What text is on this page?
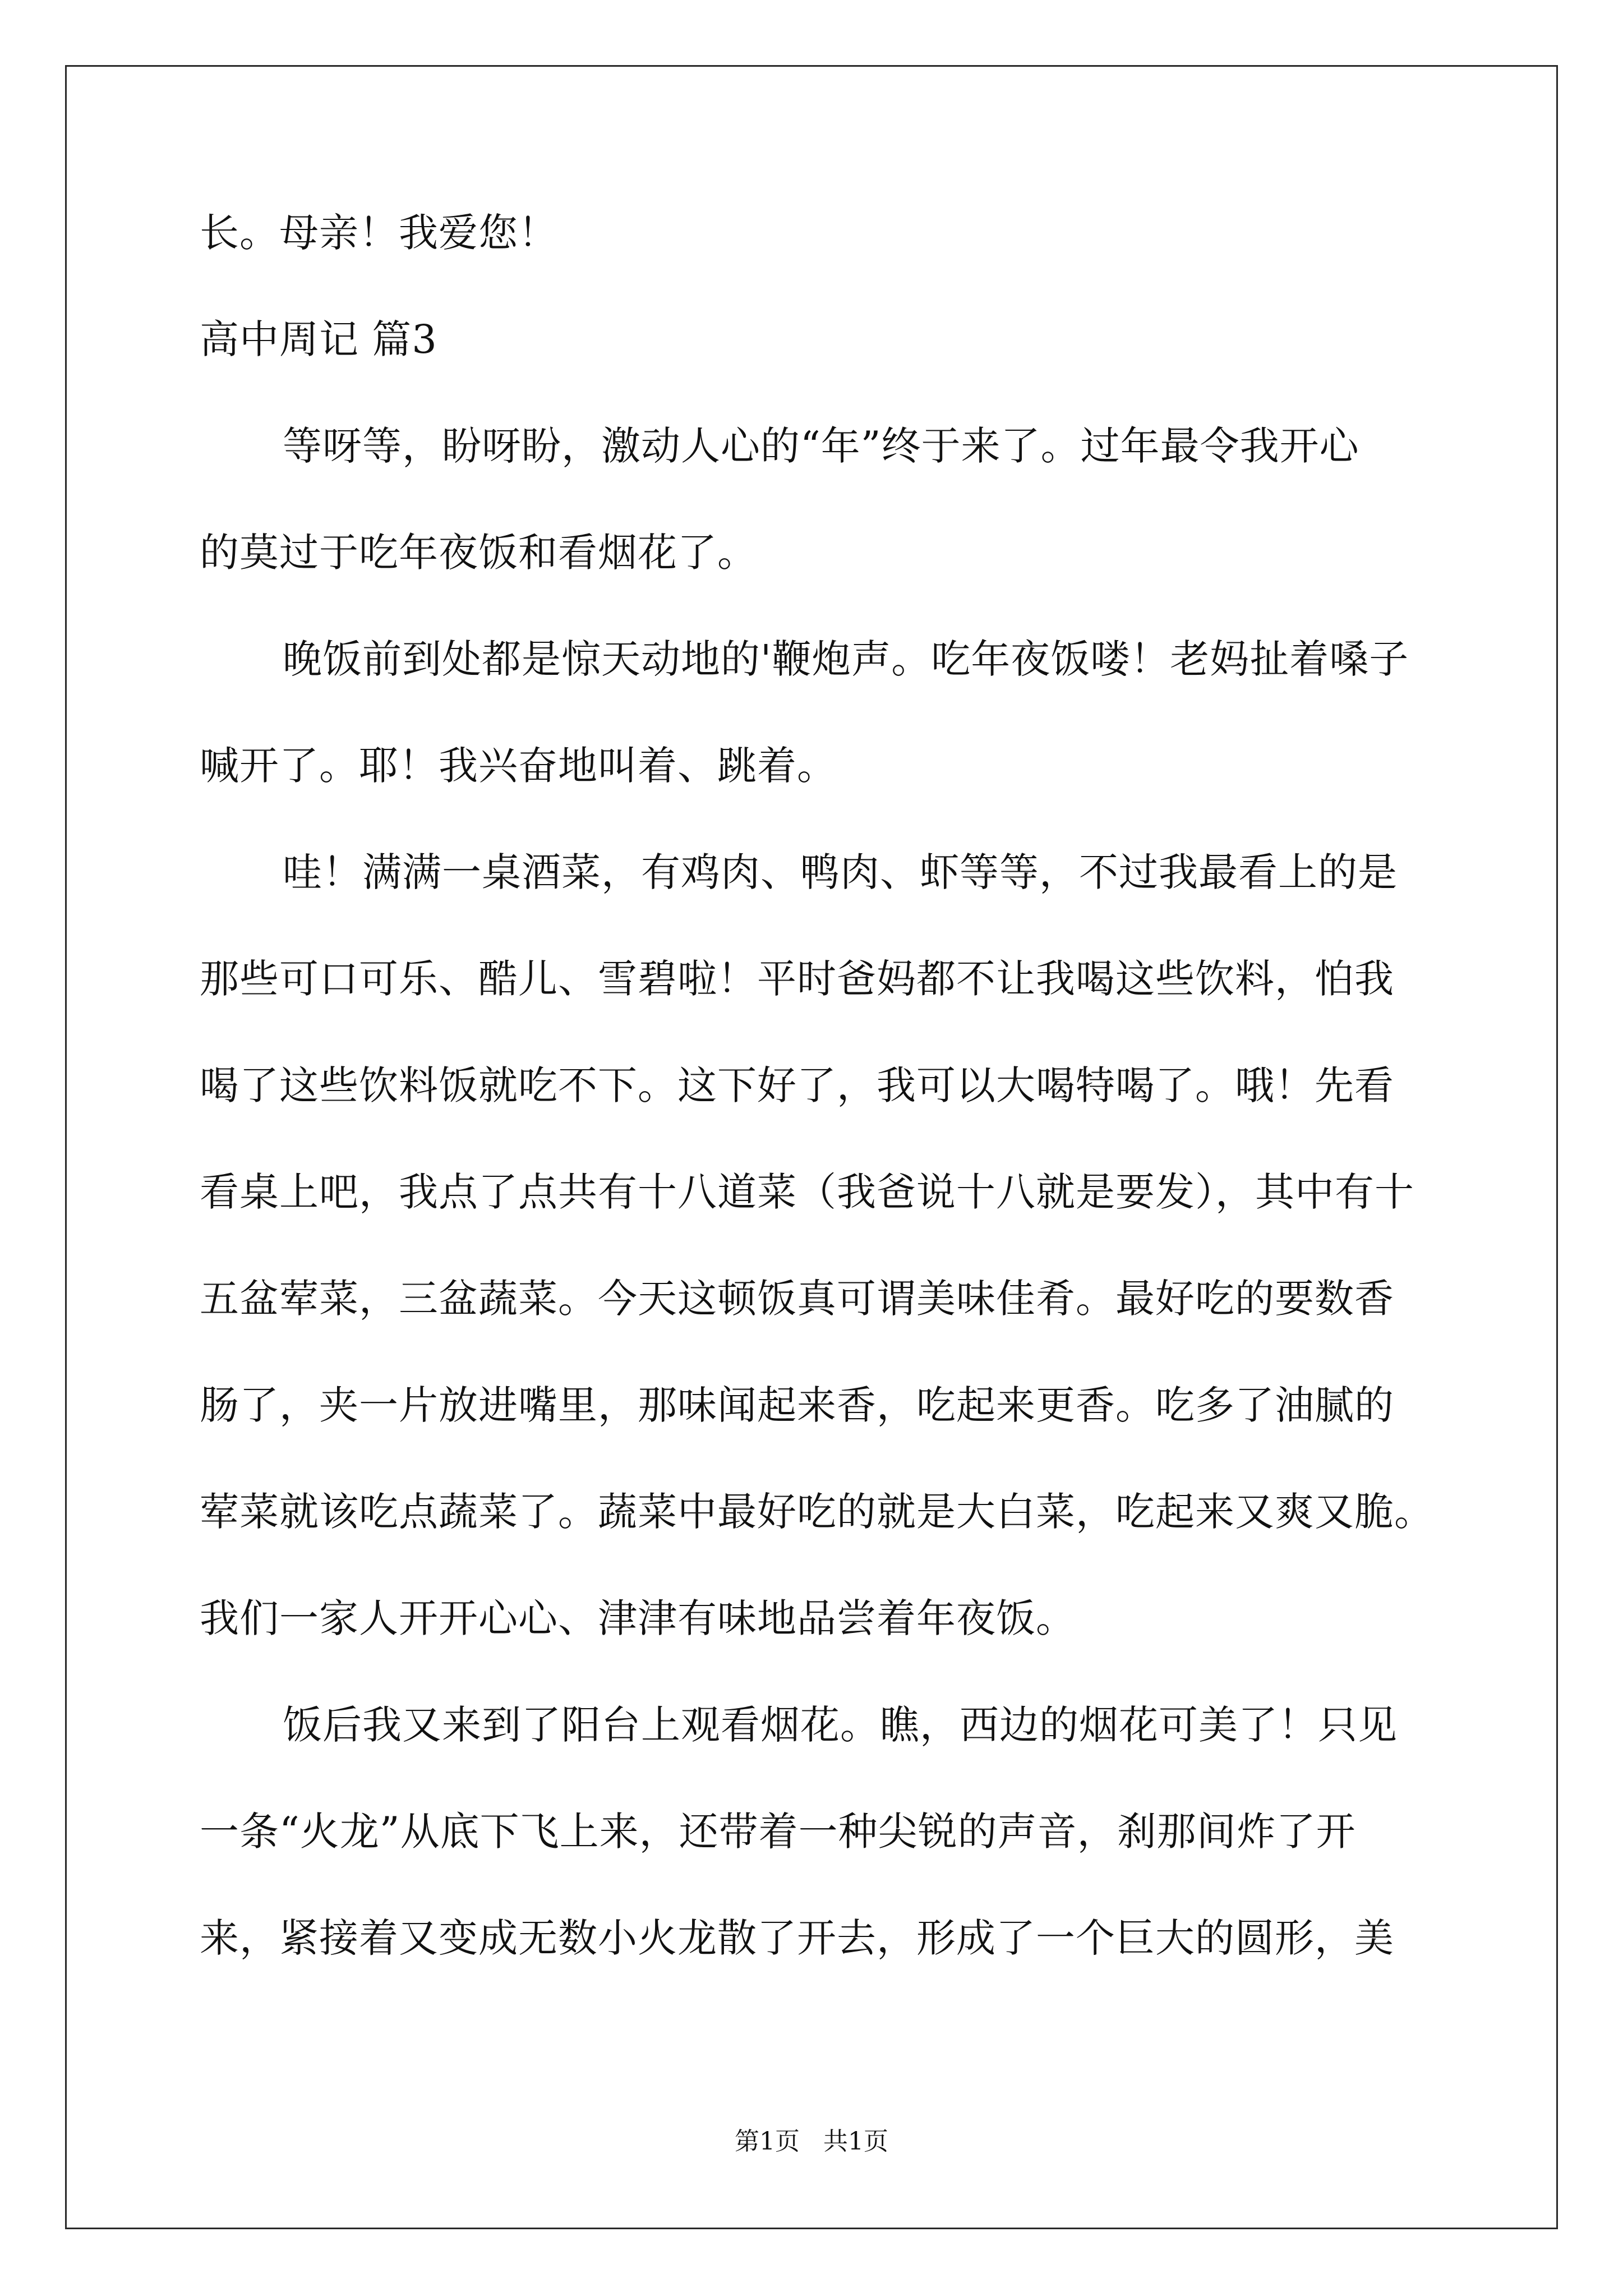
长。母亲！我爱您！
高中周记 篇3
等呀等，盼呀盼，激动人心的“年”终于来了。过年最令我开心
的莫过于吃年夜饭和看烟花了。
晚饭前到处都是惊天动地的'鞭炮声。吃年夜饭喽！老妈扯着嗓子
喊开了。耶！我兴奋地叫着、跳着。
哇！满满一桌酒菜，有鸡肉、鸭肉、虾等等，不过我最看上的是
那些可口可乐、酷儿、雪碧啦！平时爸妈都不让我喝这些饮料，怕我
喝了这些饮料饭就吃不下。这下好了，我可以大喝特喝了。哦！先看
看桌上吧，我点了点共有十八道菜（我爸说十八就是要发），其中有十
五盆荤菜，三盆蔬菜。今天这顿饭真可谓美味佳肴。最好吃的要数香
肠了，夹一片放进嘴里，那味闻起来香，吃起来更香。吃多了油腻的
荤菜就该吃点蔬菜了。蔬菜中最好吃的就是大白菜，吃起来又爽又脆。
我们一家人开开心心、津津有味地品尝着年夜饭。
饭后我又来到了阳台上观看烟花。瞧，西边的烟花可美了！只见
一条“火龙”从底下飞上来，还带着一种尖锐的声音，刹那间炸了开
来，紧接着又变成无数小火龙散了开去，形成了一个巨大的圆形，美
第1页   共1页
